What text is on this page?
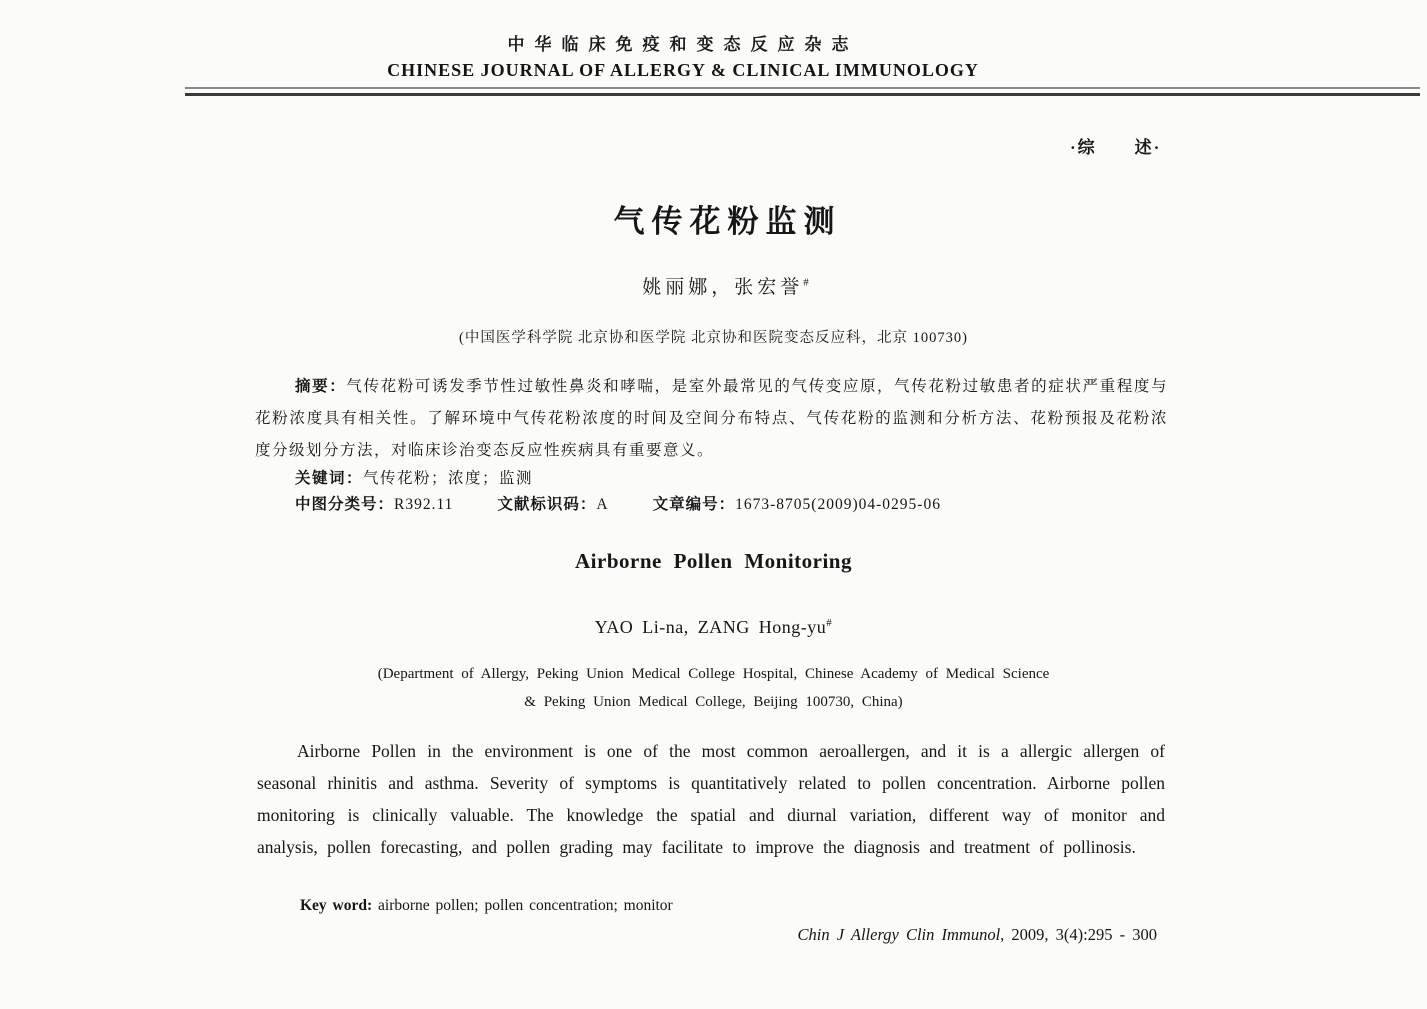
中华临床免疫和变态反应杂志
CHINESE JOURNAL OF ALLERGY & CLINICAL IMMUNOLOGY
·综　　述·
气传花粉监测
姚丽娜，张宏誉#
(中国医学科学院 北京协和医学院 北京协和医院变态反应科，北京 100730)

摘要：气传花粉可诱发季节性过敏性鼻炎和哮喘，是室外最常见的气传变应原，气传花粉过敏患者的症状严重程度与花粉浓度具有相关性。了解环境中气传花粉浓度的时间及空间分布特点、气传花粉的监测和分析方法、花粉预报及花粉浓度分级划分方法，对临床诊治变态反应性疾病具有重要意义。

关键词：气传花粉；浓度；监测
中图分类号：R392.11	文献标识码：A	文章编号：1673-8705(2009)04-0295-06
Airborne Pollen Monitoring
YAO Li-na, ZANG Hong-yu#
(Department of Allergy, Peking Union Medical College Hospital, Chinese Academy of Medical Science
& Peking Union Medical College, Beijing 100730, China)

Airborne Pollen in the environment is one of the most common aeroallergen, and it is a allergic allergen of seasonal rhinitis and asthma. Severity of symptoms is quantitatively related to pollen concentration. Airborne pollen monitoring is clinically valuable. The knowledge the spatial and diurnal variation, different way of monitor and analysis, pollen forecasting, and pollen grading may facilitate to improve the diagnosis and treatment of pollinosis.

Key word: airborne pollen; pollen concentration; monitor
Chin J Allergy Clin Immunol, 2009, 3(4):295 - 300
